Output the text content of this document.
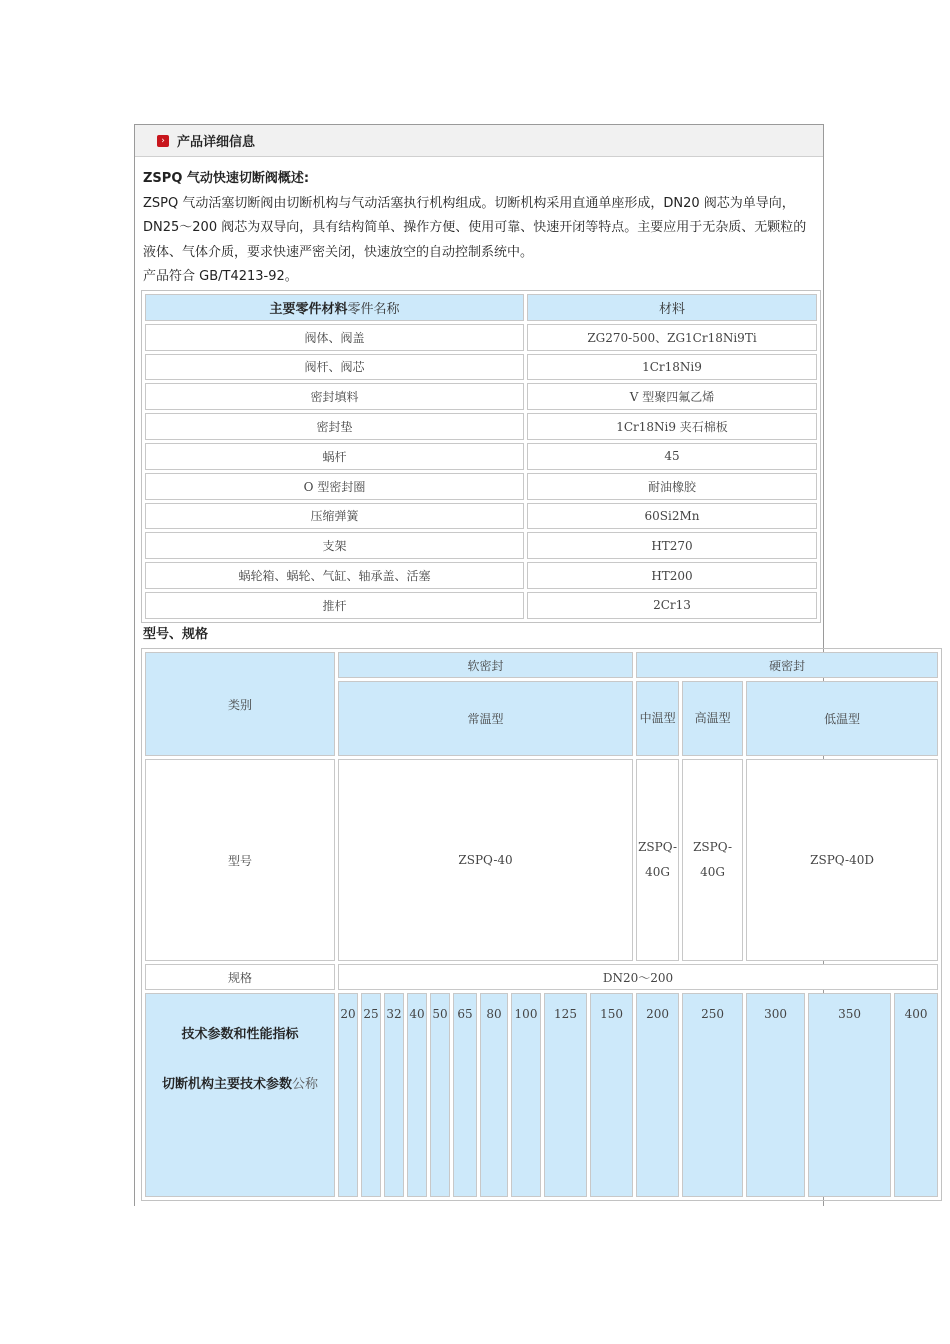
› 产品详细信息
ZSPQ 气动快速切断阀概述:
ZSPQ 气动活塞切断阀由切断机构与气动活塞执行机构组成。切断机构采用直通单座形成，DN20 阀芯为单导向，DN25～200 阀芯为双导向，具有结构简单、操作方便、使用可靠、快速开闭等特点。主要应用于无杂质、无颗粒的液体、气体介质，要求快速严密关闭，快速放空的自动控制系统中。
产品符合 GB/T4213-92。
主要零件材料零件名称	材料
阀体、阀盖	ZG270-500、ZG1Cr18Ni9Ti
阀杆、阀芯	1Cr18Ni9
密封填料	V 型聚四氟乙烯
密封垫	1Cr18Ni9 夹石棉板
蜗杆	45
O 型密封圈	耐油橡胶
压缩弹簧	60Si2Mn
支架	HT270
蜗轮箱、蜗轮、气缸、轴承盖、活塞	HT200
推杆	2Cr13
型号、规格
类别	软密封										硬密封				
	常温型										中温型	高温型	低温型		
型号	ZSPQ-40										ZSPQ-40G	ZSPQ-40G	ZSPQ-40D		
规格	DN20～200														
技术参数和性能指标

切断机构主要技术参数公称	20	25	32	40	50	65	80	100	125	150	200	250	300	350	400
